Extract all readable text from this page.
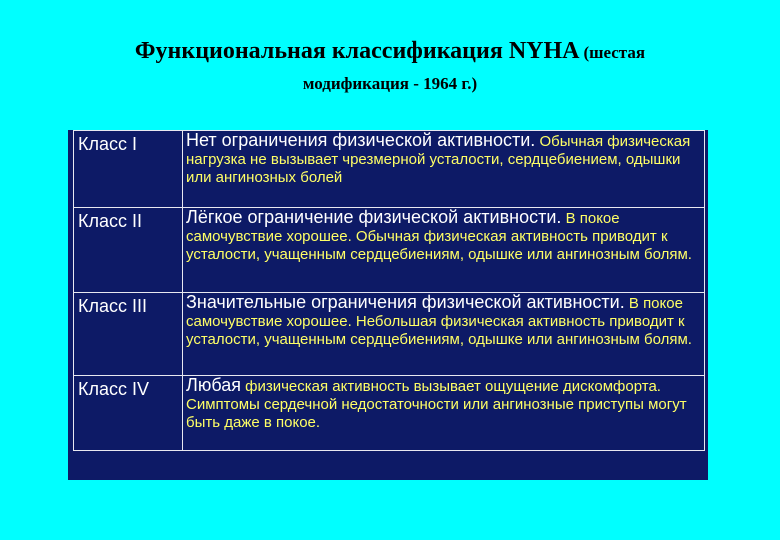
Функциональная классификация NYHA (шестая
модификация - 1964 г.)
Класс I	Нет ограничения физической активности. Обычная физическая нагрузка не вызывает чрезмерной усталости, сердцебиением, одышки или ангинозных болей
Класс II	Лёгкое ограничение физической активности. В покое самочувствие хорошее. Обычная физическая активность приводит к усталости, учащенным сердцебиениям, одышке или ангинозным болям.
Класс III	Значительные ограничения физической активности. В покое самочувствие хорошее. Небольшая физическая активность приводит к усталости, учащенным сердцебиениям, одышке или ангинозным болям.
Класс IV	Любая физическая активность вызывает ощущение дискомфорта. Симптомы сердечной недостаточности или ангинозные приступы могут быть даже в покое.
